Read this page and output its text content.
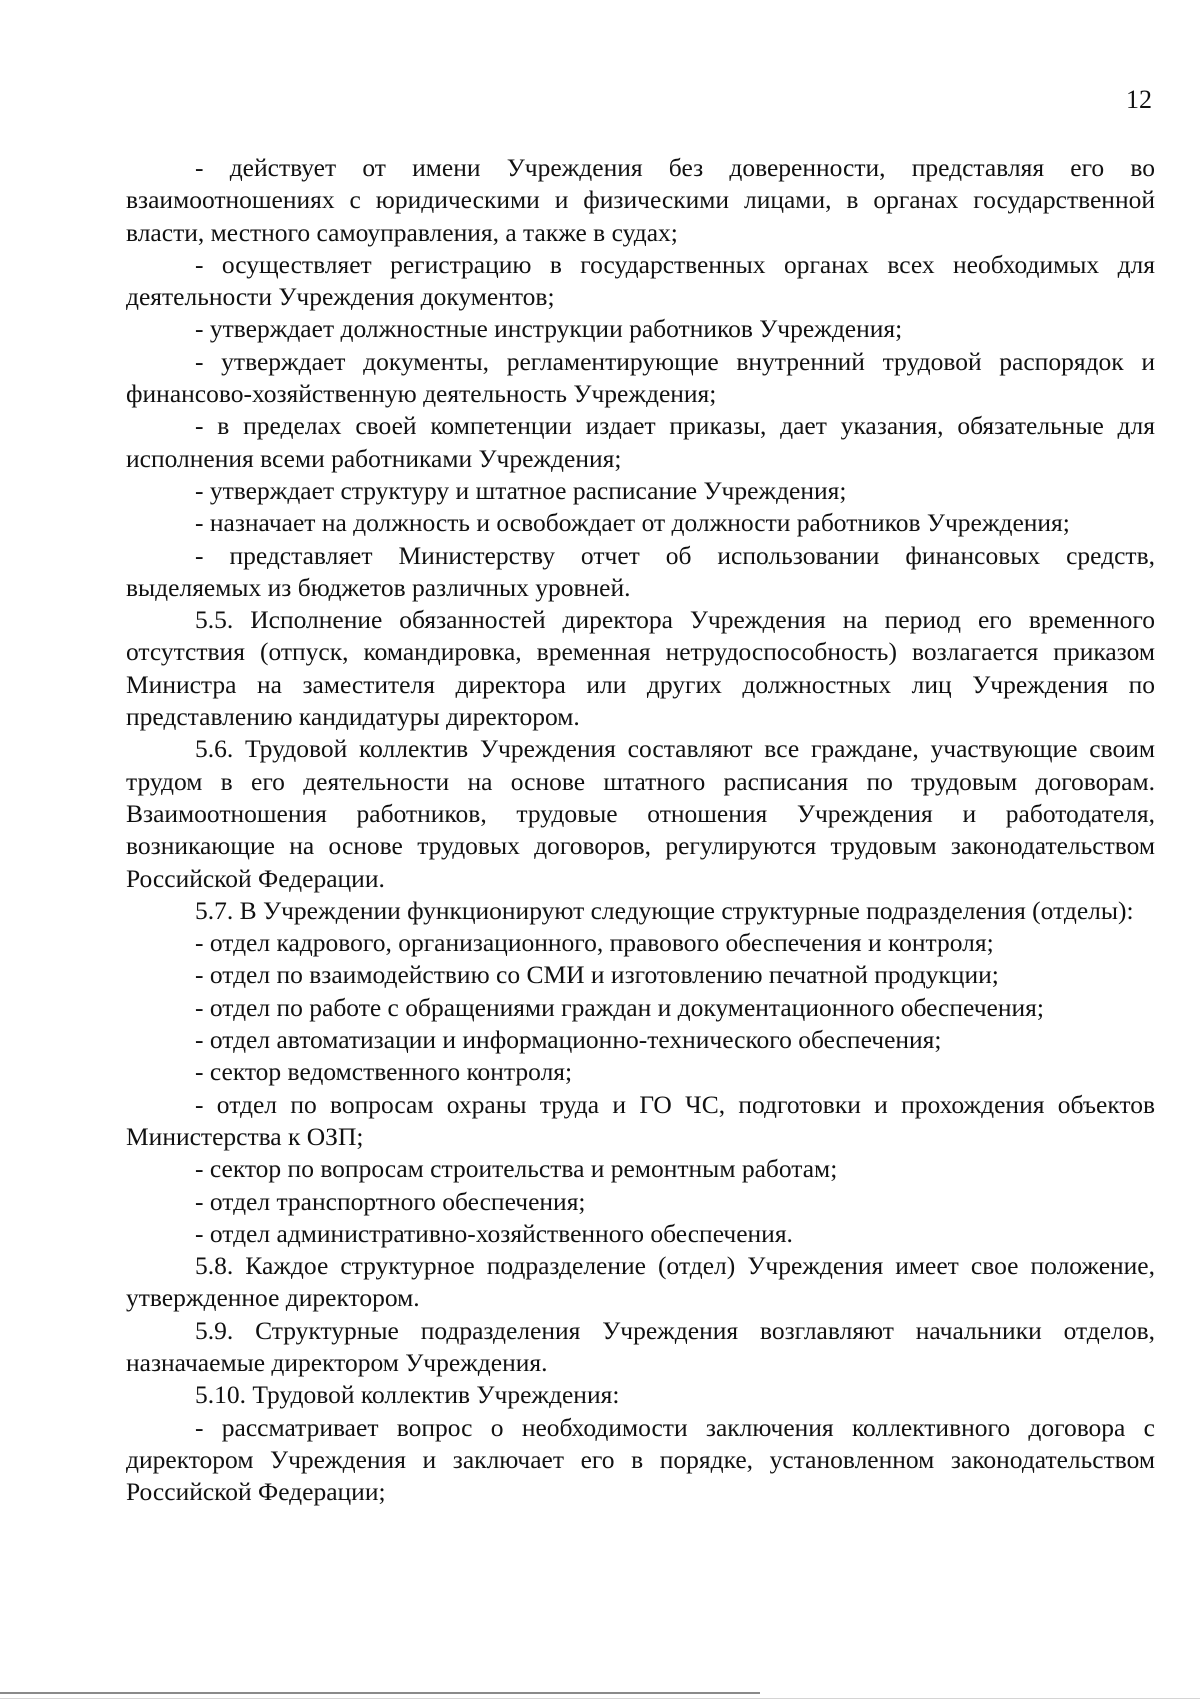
12

- действует от имени Учреждения без доверенности, представляя его во взаимоотношениях с юридическими и физическими лицами, в органах государственной власти, местного самоуправления, а также в судах;

- осуществляет регистрацию в государственных органах всех необходимых для деятельности Учреждения документов;

- утверждает должностные инструкции работников Учреждения;

- утверждает документы, регламентирующие внутренний трудовой распорядок и финансово-хозяйственную деятельность Учреждения;

- в пределах своей компетенции издает приказы, дает указания, обязательные для исполнения всеми работниками Учреждения;

- утверждает структуру и штатное расписание Учреждения;

- назначает на должность и освобождает от должности работников Учреждения;

- представляет Министерству отчет об использовании финансовых средств, выделяемых из бюджетов различных уровней.

5.5. Исполнение обязанностей директора Учреждения на период его временного отсутствия (отпуск, командировка, временная нетрудоспособность) возлагается приказом Министра на заместителя директора или других должностных лиц Учреждения по представлению кандидатуры директором.

5.6. Трудовой коллектив Учреждения составляют все граждане, участвующие своим трудом в его деятельности на основе штатного расписания по трудовым договорам. Взаимоотношения работников, трудовые отношения Учреждения и работодателя, возникающие на основе трудовых договоров, регулируются трудовым законодательством Российской Федерации.

5.7. В Учреждении функционируют следующие структурные подразделения (отделы):

- отдел кадрового, организационного, правового обеспечения и контроля;

- отдел по взаимодействию со СМИ и изготовлению печатной продукции;

- отдел по работе с обращениями граждан и документационного обеспечения;

- отдел автоматизации и информационно-технического обеспечения;

- сектор ведомственного контроля;

- отдел по вопросам охраны труда и ГО ЧС, подготовки и прохождения объектов Министерства к ОЗП;

- сектор по вопросам строительства и ремонтным работам;

- отдел транспортного обеспечения;

- отдел административно-хозяйственного обеспечения.

5.8. Каждое структурное подразделение (отдел) Учреждения имеет свое положение, утвержденное директором.

5.9. Структурные подразделения Учреждения возглавляют начальники отделов, назначаемые директором Учреждения.

5.10. Трудовой коллектив Учреждения:

- рассматривает вопрос о необходимости заключения коллективного договора с директором Учреждения и заключает его в порядке, установленном законодательством Российской Федерации;
